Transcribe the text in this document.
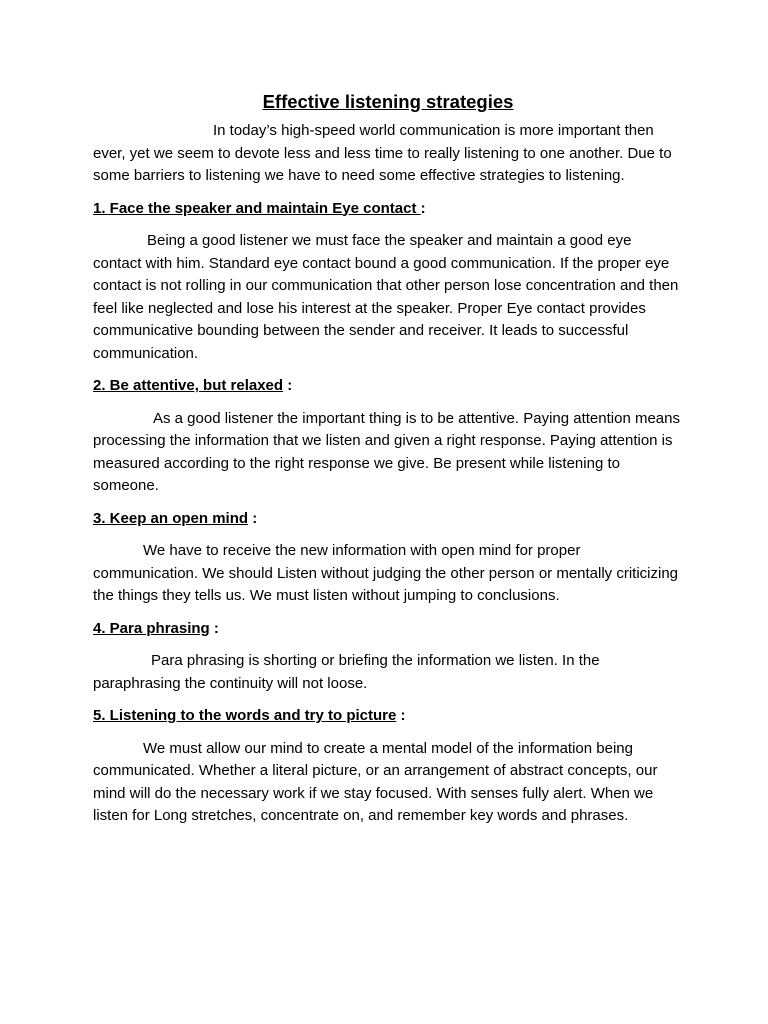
Effective listening strategies

In today’s high-speed world communication is more important then ever, yet we seem to devote less and less time to really listening to one another. Due to some barriers to listening we have to need some effective strategies to listening.

1. Face the speaker and maintain Eye contact :

Being a good listener we must face the speaker and maintain a good eye contact with him. Standard eye contact bound a good communication. If the proper eye contact is not rolling in our communication that other person lose concentration and then feel like neglected and lose his interest at the speaker. Proper Eye contact provides communicative bounding between the sender and receiver. It leads to successful communication.

2. Be attentive, but relaxed :

As a good listener the important thing is to be attentive. Paying attention means processing the information that we listen and given a right response. Paying attention is measured according to the right response we give. Be present while listening to someone.

3. Keep an open mind :

We have to receive the new information with open mind for proper communication. We should Listen without judging the other person or mentally criticizing the things they tells us. We must listen without jumping to conclusions.

4. Para phrasing :

Para phrasing is shorting or briefing the information we listen. In the paraphrasing the continuity will not loose.

5. Listening to the words and try to picture :

We must allow our mind to create a mental model of the information being communicated. Whether a literal picture, or an arrangement of abstract concepts, our mind will do the necessary work if we stay focused. With senses fully alert. When we listen for Long stretches, concentrate on, and remember key words and phrases.
